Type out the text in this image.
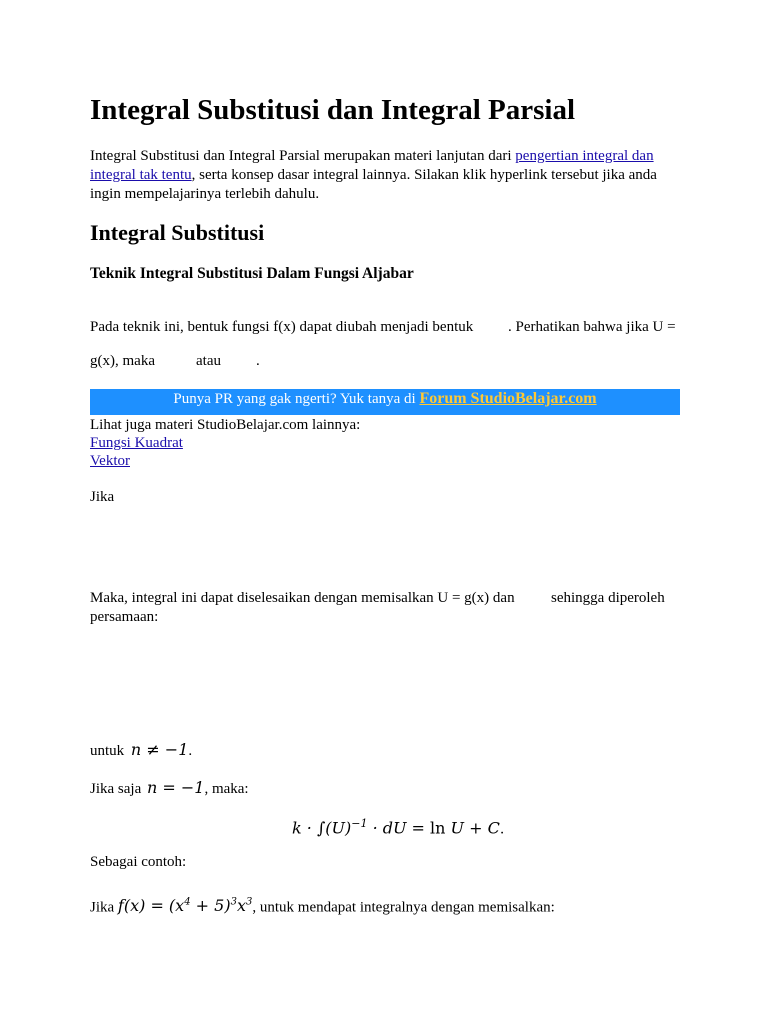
Integral Substitusi dan Integral Parsial
Integral Substitusi dan Integral Parsial merupakan materi lanjutan dari pengertian integral dan integral tak tentu, serta konsep dasar integral lainnya. Silakan klik hyperlink tersebut jika anda ingin mempelajarinya terlebih dahulu.
Integral Substitusi
Teknik Integral Substitusi Dalam Fungsi Aljabar
Pada teknik ini, bentuk fungsi f(x) dapat diubah menjadi bentuk . Perhatikan bahwa jika U =
g(x), maka	atau .
Punya PR yang gak ngerti? Yuk tanya di Forum StudioBelajar.com
Lihat juga materi StudioBelajar.com lainnya:
Fungsi Kuadrat
Vektor
Jika
Maka, integral ini dapat diselesaikan dengan memisalkan U = g(x) dan sehingga diperoleh
persamaan:
untuk n ≠ −1.
Jika saja n = −1, maka:
$k \cdot \int(U)^{-1}$ · dU = ln U + C.
Sebagai contoh:
Jika $f(x) = (x^4 + 5)^3x^3$, untuk mendapat integralnya dengan memisalkan:
